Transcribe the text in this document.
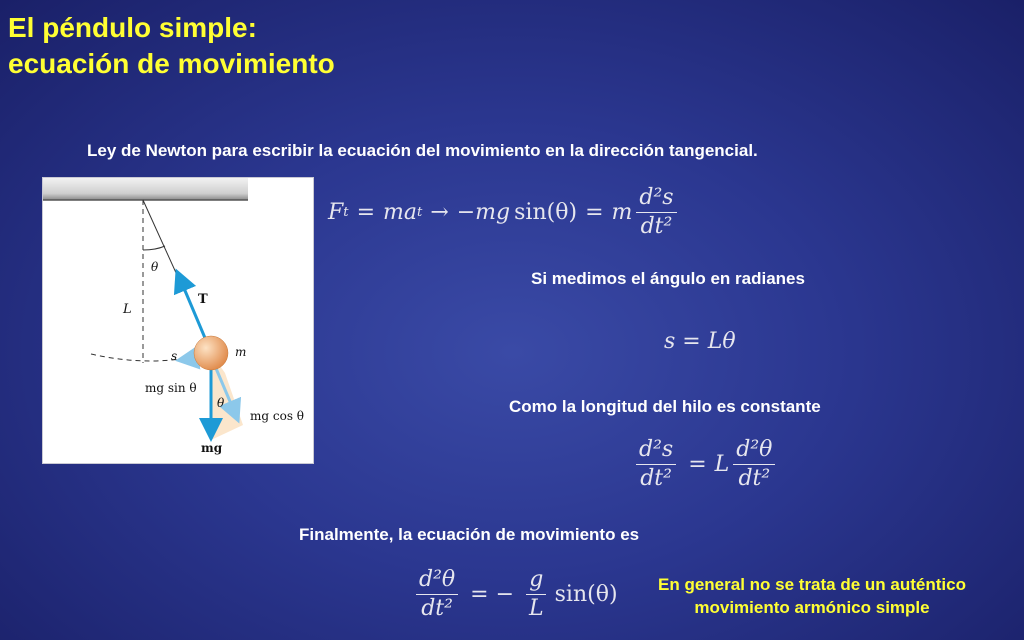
El péndulo simple:
ecuación de movimiento
Ley de Newton para escribir la ecuación del movimiento en la dirección tangencial.
θ
T
L
s	m
mg sin θ
θ
mg cos θ
mg
F t = ma t → −mg sin (θ) = m $\frac{\text{d²s}}{\text{dt²}}$
Si medimos el ángulo en radianes
s = Lθ
Como la longitud del hilo es constante
$\frac{\text{d²s}}{\text{dt²}} = L \frac{\text{d²θ}}{\text{dt²}}$
Finalmente, la ecuación de movimiento es
$\frac{\text{d²θ}}{\text{dt²}}$ = − $\frac{g}{L} \sin(\theta)$	En general no se trata de un auténtico
movimiento armónico simple
